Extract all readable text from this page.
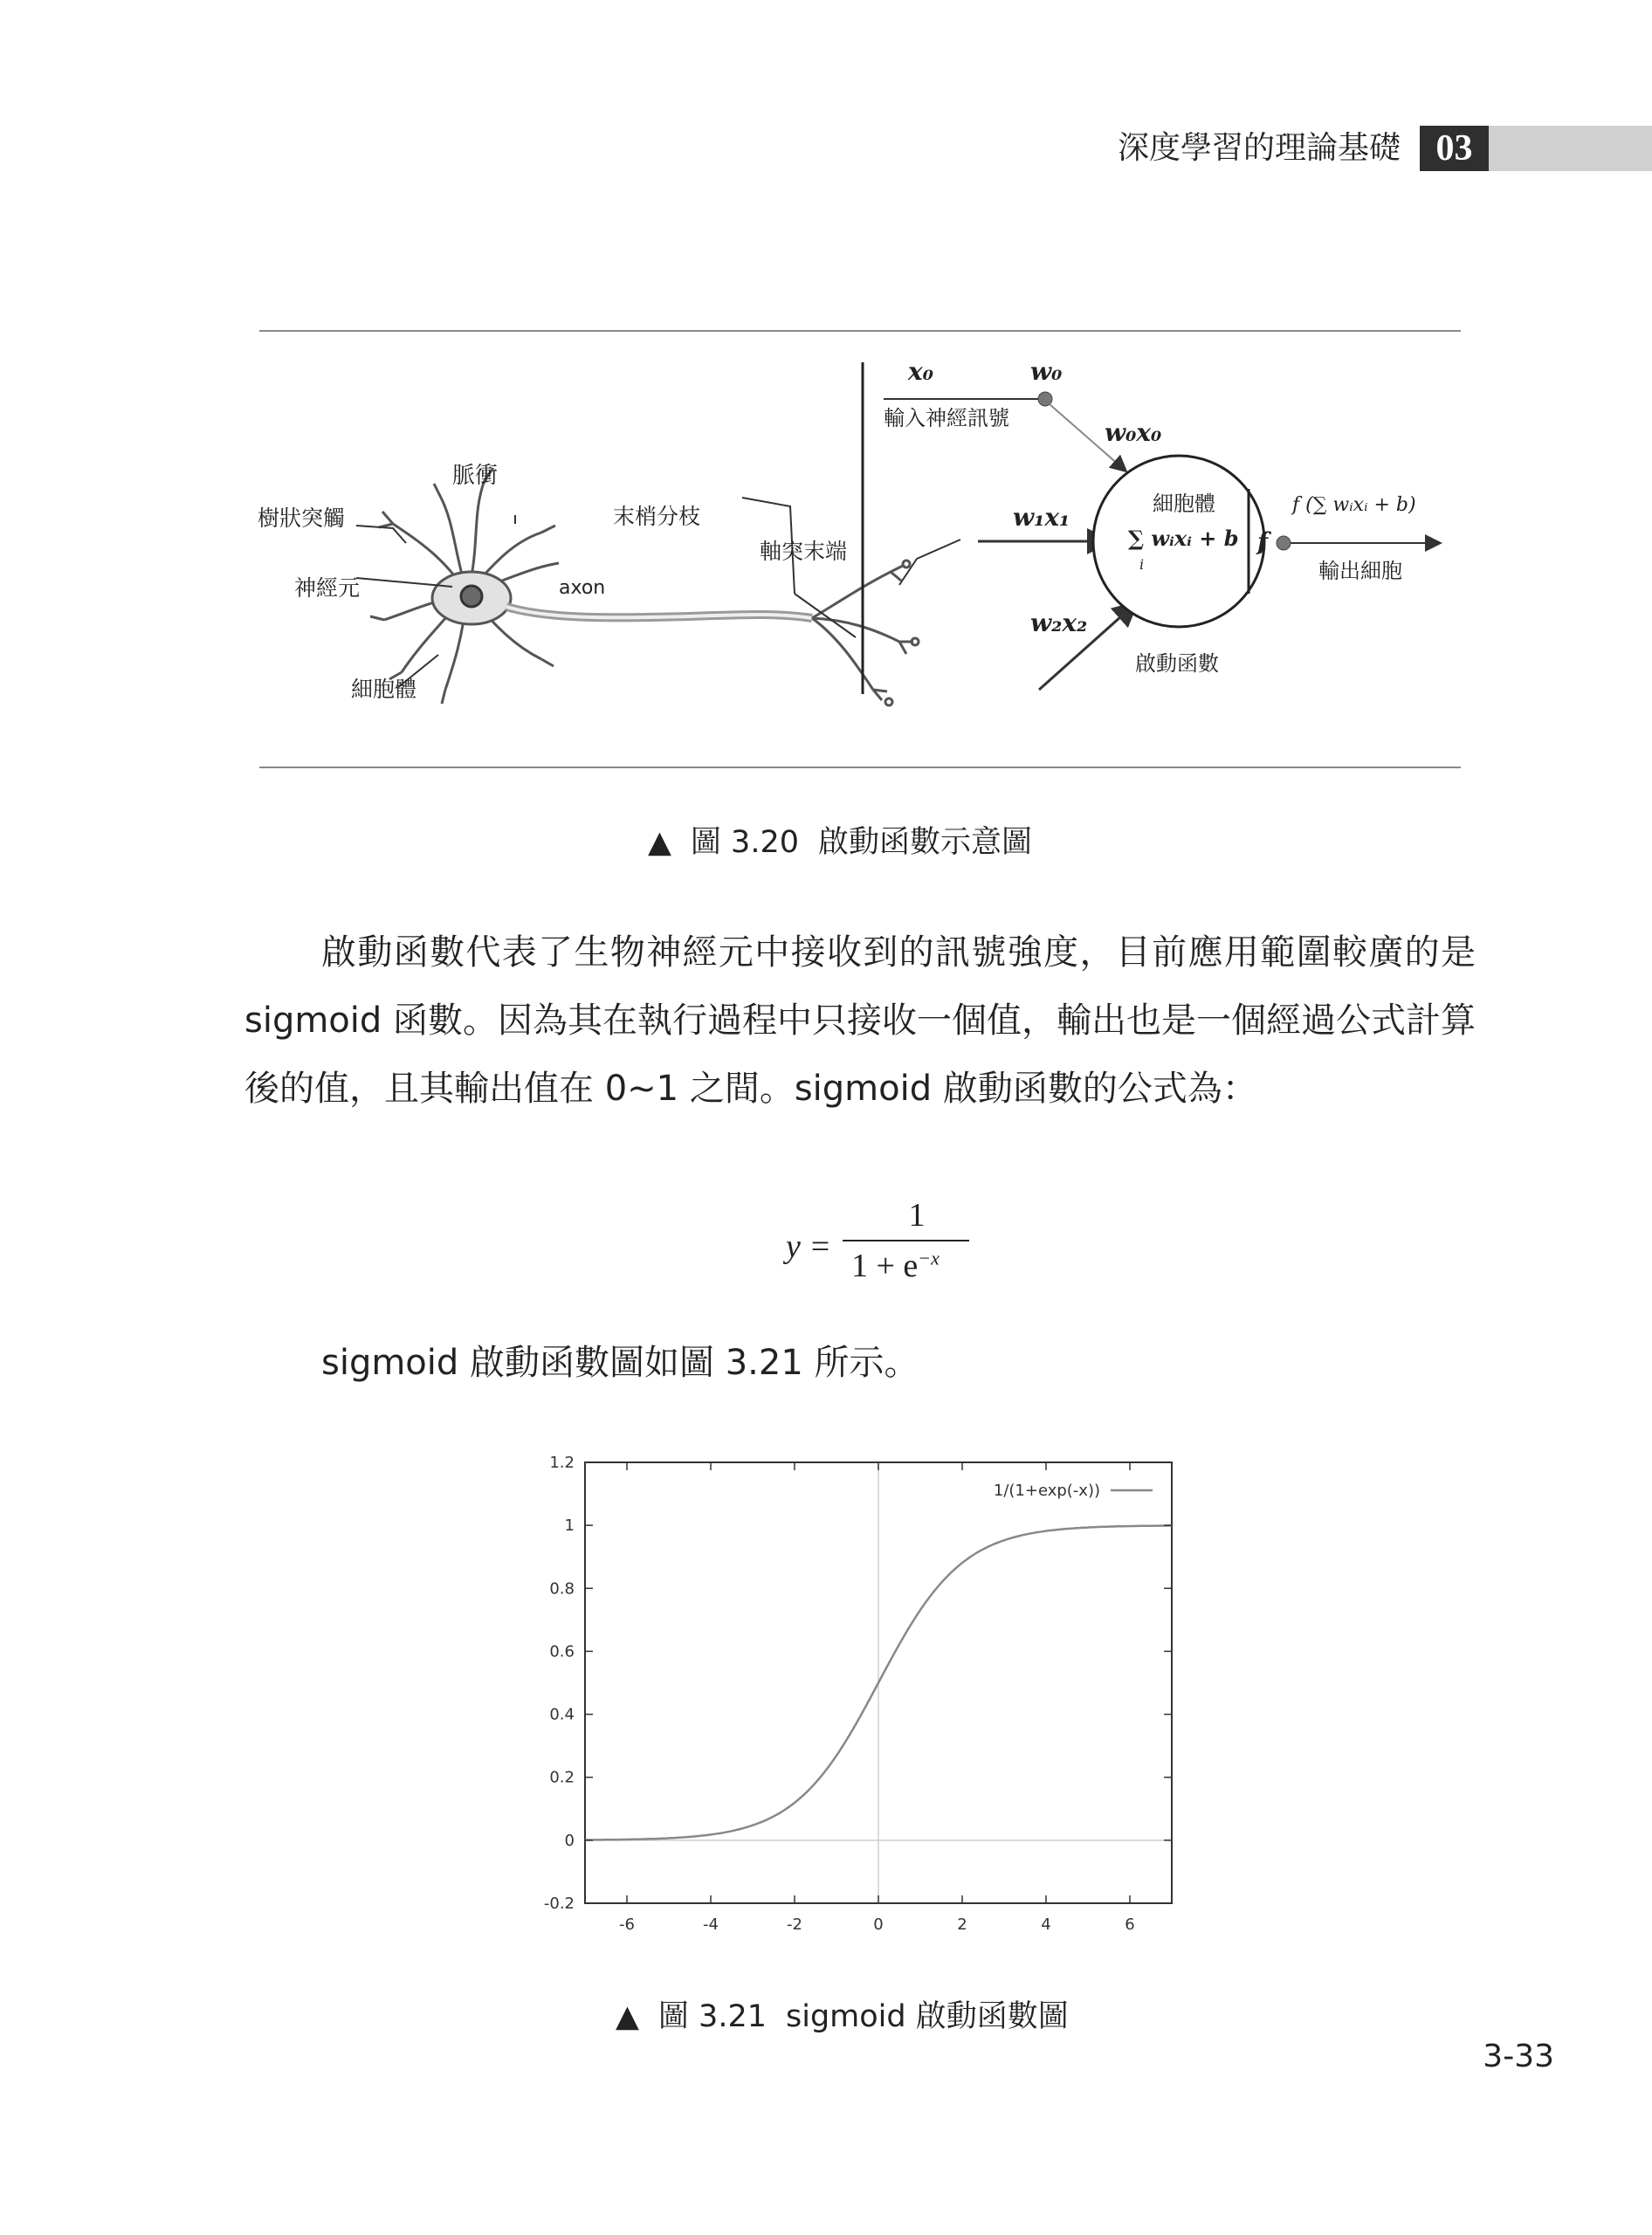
深度學習的理論基礎 03
脈衝
樹狀突觸
神經元
細胞體
axon
末梢分枝
軸突末端
x₀	w₀
w₀x₀
w₁x₁
w₂x₂
輸入神經訊號
細胞體
∑ wᵢxᵢ + b
i
f
f (∑ wᵢxᵢ + b)
輸出細胞
啟動函數
▲ 圖 3.20 啟動函數示意圖

啟動函數代表了生物神經元中接收到的訊號強度，目前應用範圍較廣的是 sigmoid 函數。因為其在執行過程中只接收一個值，輸出也是一個經過公式計算後的值，且其輸出值在 0~1 之間。sigmoid 啟動函數的公式為：

y =
1
$1 + e^{-x}$

sigmoid 啟動函數圖如圖 3.21 所示。

-6	-4	-2	0	2	4	6
-0.2
0
0.2
0.4
0.6
0.8
1
1.2
1/(1+exp(-x))
▲ 圖 3.21 sigmoid 啟動函數圖
3-33
